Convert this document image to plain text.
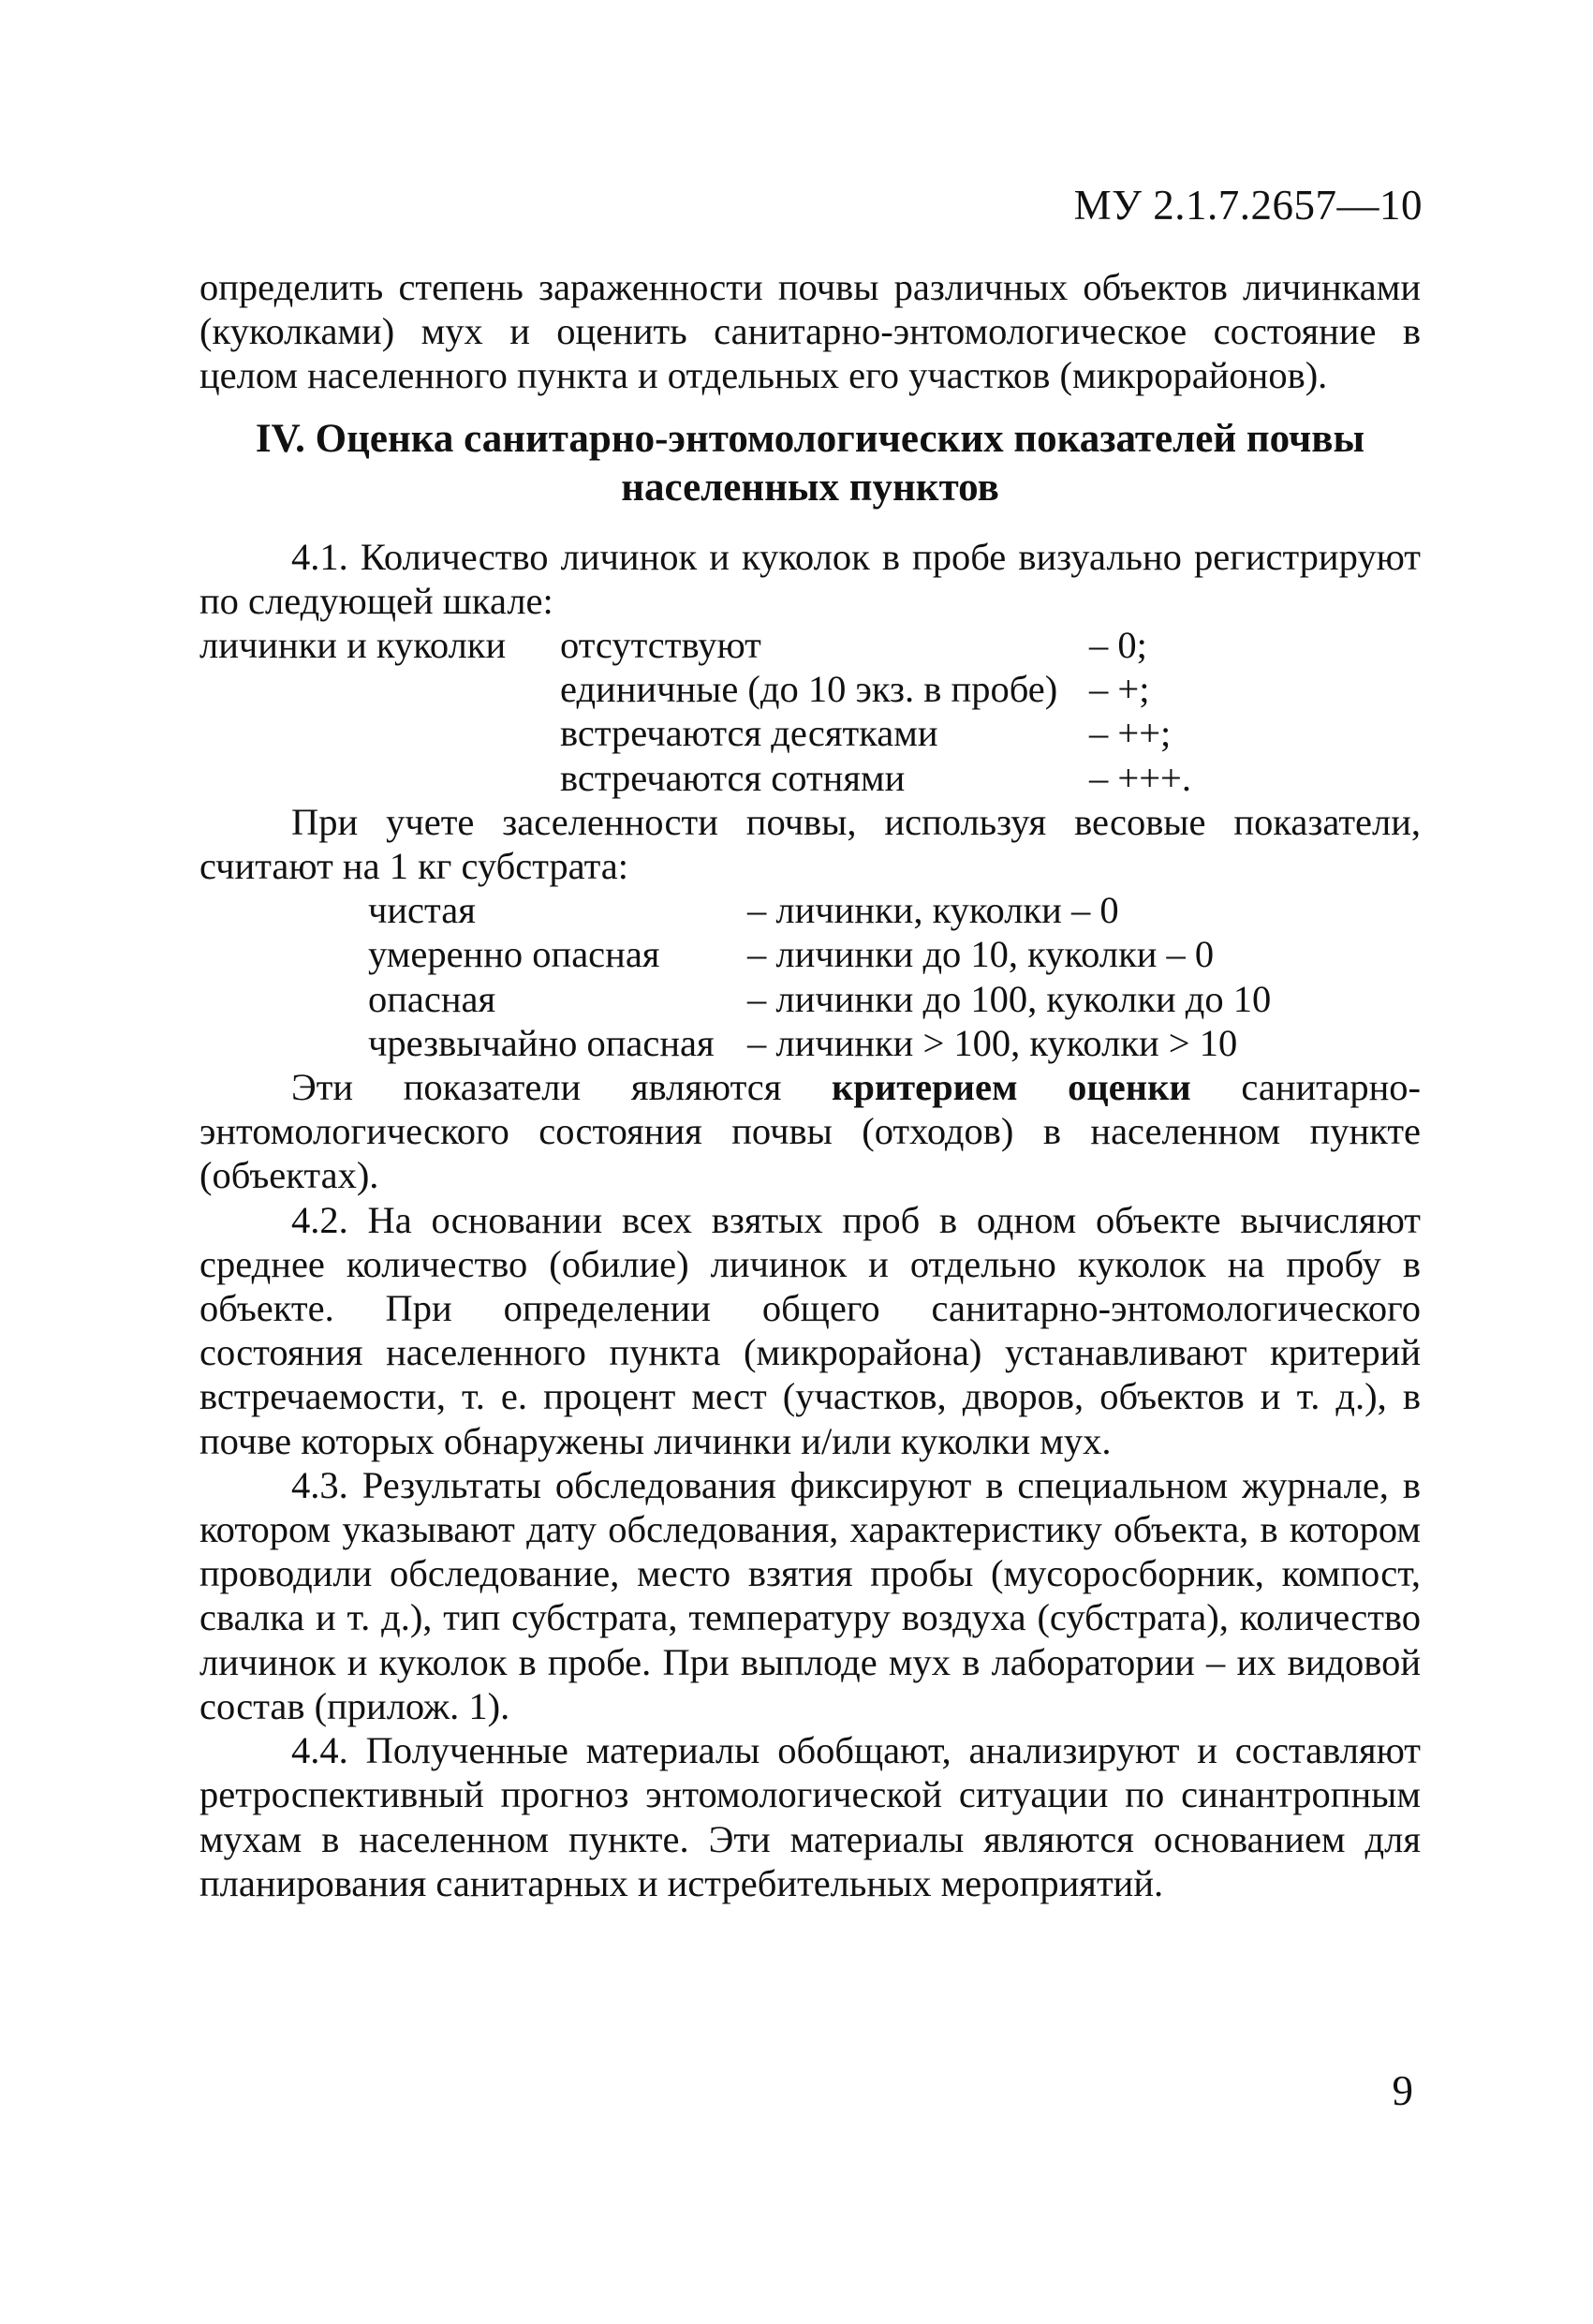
МУ 2.1.7.2657—10

определить степень зараженности почвы различных объектов личинками (куколками) мух и оценить санитарно-энтомологическое состояние в целом населенного пункта и отдельных его участков (микрорайонов).

IV. Оценка санитарно-энтомологических показателей почвы
населенных пунктов

4.1. Количество личинок и куколок в пробе визуально регистрируют по следующей шкале:

личинки и куколки	отсутствуют	– 0;
	единичные (до 10 экз. в пробе)	– +;
	встречаются десятками	– ++;
	встречаются сотнями	– +++.

При учете заселенности почвы, используя весовые показатели, считают на 1 кг субстрата:

чистая	– личинки, куколки – 0
умеренно опасная	– личинки до 10, куколки – 0
опасная	– личинки до 100, куколки до 10
чрезвычайно опасная	– личинки > 100, куколки > 10

Эти показатели являются критерием оценки санитарно-энтомологического состояния почвы (отходов) в населенном пункте (объектах).

4.2. На основании всех взятых проб в одном объекте вычисляют среднее количество (обилие) личинок и отдельно куколок на пробу в объекте. При определении общего санитарно-энтомологического состояния населенного пункта (микрорайона) устанавливают критерий встречаемости, т. е. процент мест (участков, дворов, объектов и т. д.), в почве которых обнаружены личинки и/или куколки мух.

4.3. Результаты обследования фиксируют в специальном журнале, в котором указывают дату обследования, характеристику объекта, в котором проводили обследование, место взятия пробы (мусоросборник, компост, свалка и т. д.), тип субстрата, температуру воздуха (субстрата), количество личинок и куколок в пробе. При выплоде мух в лаборатории – их видовой состав (прилож. 1).

4.4. Полученные материалы обобщают, анализируют и составляют ретроспективный прогноз энтомологической ситуации по синантропным мухам в населенном пункте. Эти материалы являются основанием для планирования санитарных и истребительных мероприятий.

9
